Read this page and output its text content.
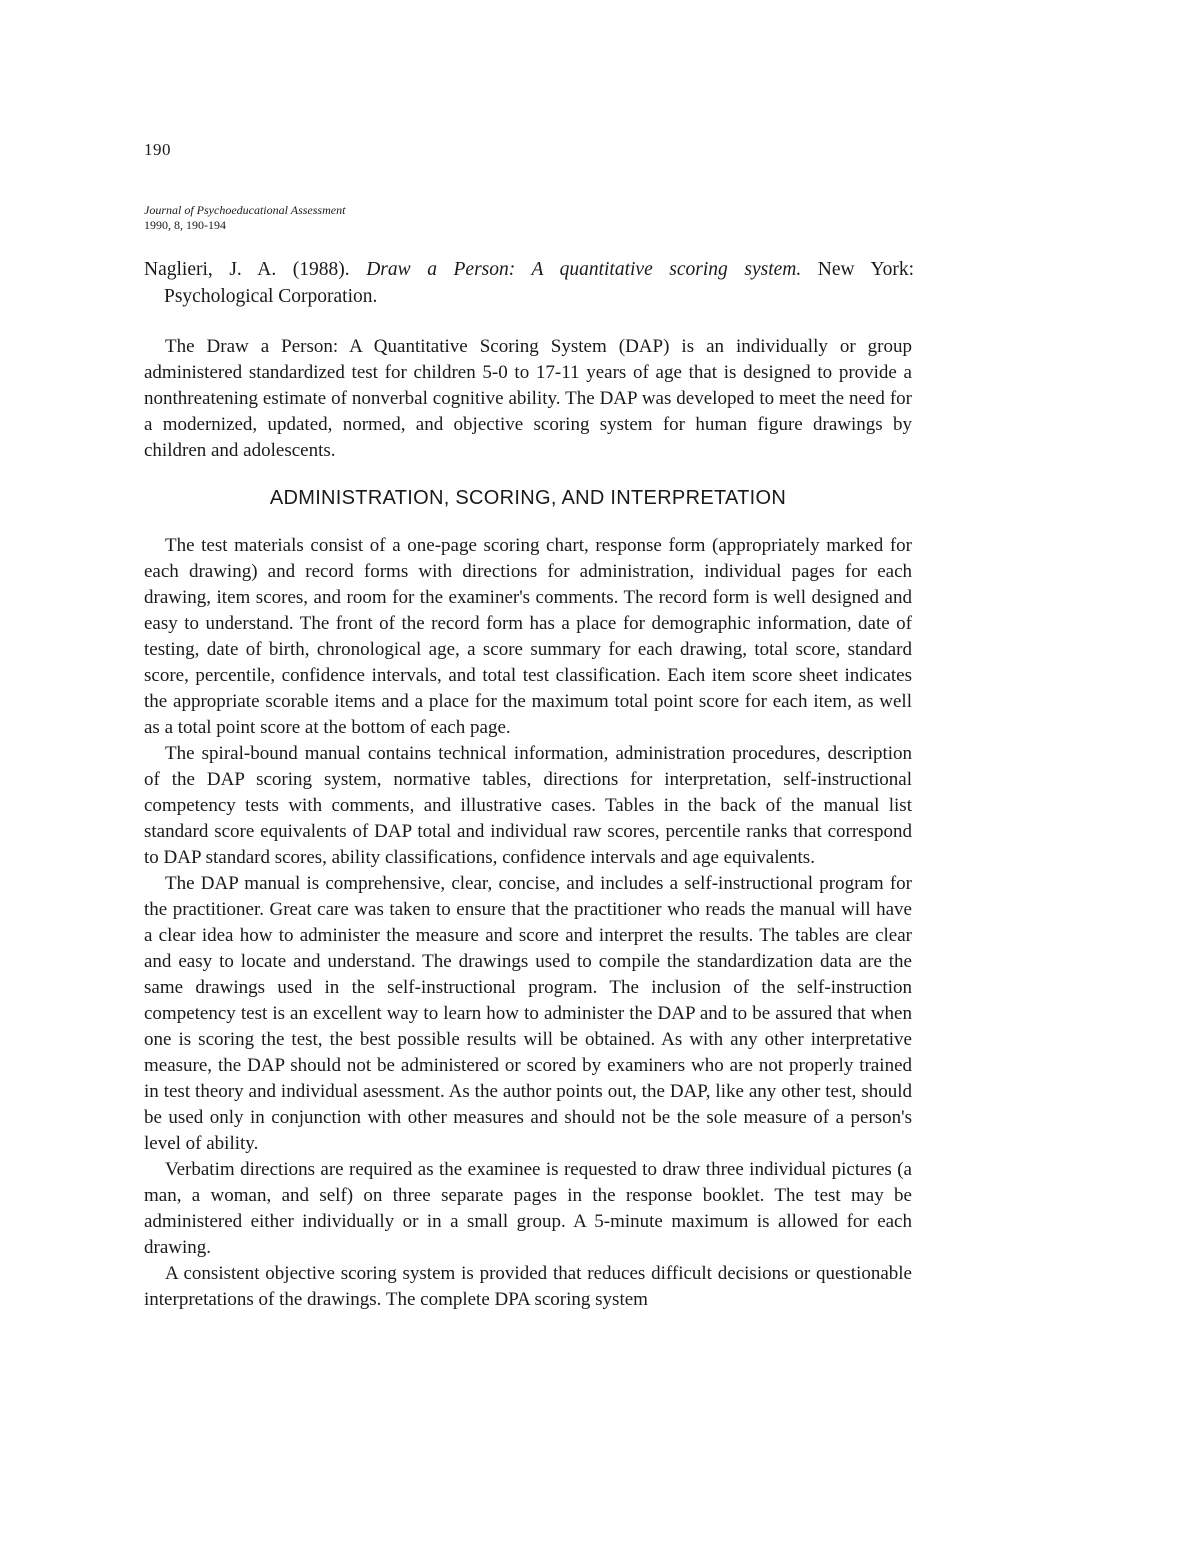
190
Journal of Psychoeducational Assessment
1990, 8, 190-194
Naglieri, J. A. (1988). Draw a Person: A quantitative scoring system. New York:
Psychological Corporation.

The Draw a Person: A Quantitative Scoring System (DAP) is an individually or group administered standardized test for children 5-0 to 17-11 years of age that is designed to provide a nonthreatening estimate of nonverbal cognitive ability. The DAP was developed to meet the need for a modernized, updated, normed, and objective scoring system for human figure drawings by children and adolescents.

ADMINISTRATION, SCORING, AND INTERPRETATION

The test materials consist of a one-page scoring chart, response form (appropriately marked for each drawing) and record forms with directions for administration, individual pages for each drawing, item scores, and room for the examiner's comments. The record form is well designed and easy to understand. The front of the record form has a place for demographic information, date of testing, date of birth, chronological age, a score summary for each drawing, total score, standard score, percentile, confidence intervals, and total test classification. Each item score sheet indicates the appropriate scorable items and a place for the maximum total point score for each item, as well as a total point score at the bottom of each page.

The spiral-bound manual contains technical information, administration procedures, description of the DAP scoring system, normative tables, directions for interpretation, self-instructional competency tests with comments, and illustrative cases. Tables in the back of the manual list standard score equivalents of DAP total and individual raw scores, percentile ranks that correspond to DAP standard scores, ability classifications, confidence intervals and age equivalents.

The DAP manual is comprehensive, clear, concise, and includes a self-instructional program for the practitioner. Great care was taken to ensure that the practitioner who reads the manual will have a clear idea how to administer the measure and score and interpret the results. The tables are clear and easy to locate and understand. The drawings used to compile the standardization data are the same drawings used in the self-instructional program. The inclusion of the self-instruction competency test is an excellent way to learn how to administer the DAP and to be assured that when one is scoring the test, the best possible results will be obtained. As with any other interpretative measure, the DAP should not be administered or scored by examiners who are not properly trained in test theory and individual asessment. As the author points out, the DAP, like any other test, should be used only in conjunction with other measures and should not be the sole measure of a person's level of ability.

Verbatim directions are required as the examinee is requested to draw three individual pictures (a man, a woman, and self) on three separate pages in the response booklet. The test may be administered either individually or in a small group. A 5-minute maximum is allowed for each drawing.

A consistent objective scoring system is provided that reduces difficult decisions or questionable interpretations of the drawings. The complete DPA scoring system
